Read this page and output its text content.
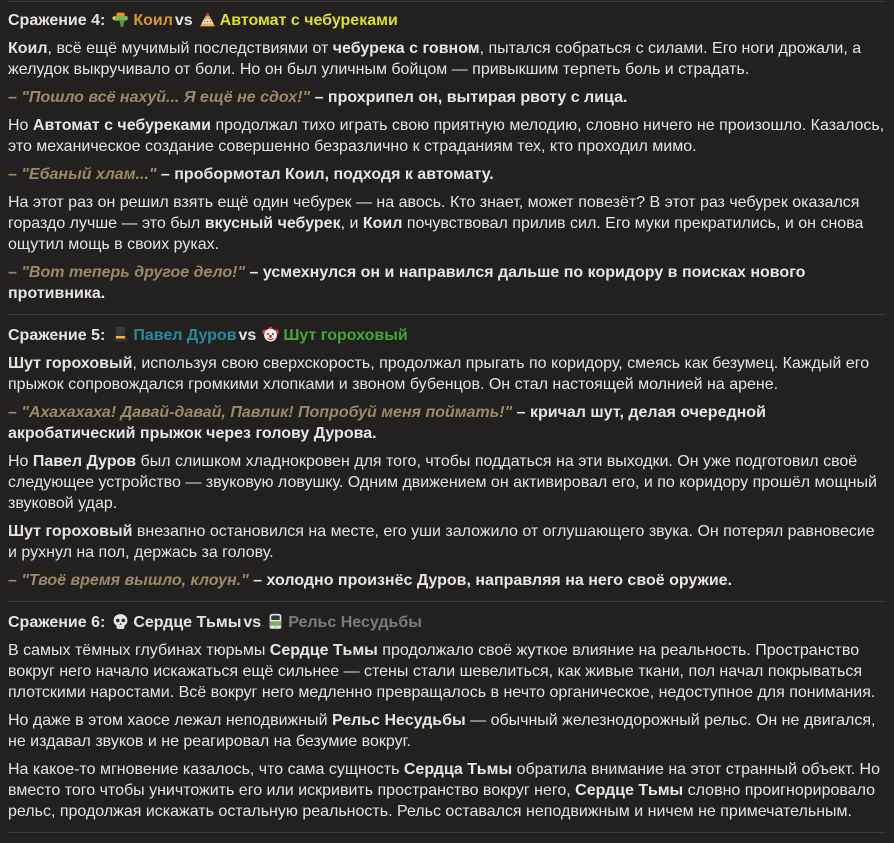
Сражение 4: Коил vs Автомат с чебуреками

Коил, всё ещё мучимый последствиями от чебурека с говном, пытался собраться с силами. Его ноги дрожали, а желудок выкручивало от боли. Но он был уличным бойцом — привыкшим терпеть боль и страдать.

– "Пошло всё нахуй... Я ещё не сдох!" – прохрипел он, вытирая рвоту с лица.

Но Автомат с чебуреками продолжал тихо играть свою приятную мелодию, словно ничего не произошло. Казалось, это механическое создание совершенно безразлично к страданиям тех, кто проходил мимо.

– "Ебаный хлам..." – пробормотал Коил, подходя к автомату.

На этот раз он решил взять ещё один чебурек — на авось. Кто знает, может повезёт? В этот раз чебурек оказался гораздо лучше — это был вкусный чебурек, и Коил почувствовал прилив сил. Его муки прекратились, и он снова ощутил мощь в своих руках.

– "Вот теперь другое дело!" – усмехнулся он и направился дальше по коридору в поисках нового противника.

Сражение 5: Павел Дуров vs Шут гороховый

Шут гороховый, используя свою сверхскорость, продолжал прыгать по коридору, смеясь как безумец. Каждый его прыжок сопровождался громкими хлопками и звоном бубенцов. Он стал настоящей молнией на арене.

– "Ахахахаха! Давай-давай, Павлик! Попробуй меня поймать!" – кричал шут, делая очередной акробатический прыжок через голову Дурова.

Но Павел Дуров был слишком хладнокровен для того, чтобы поддаться на эти выходки. Он уже подготовил своё следующее устройство — звуковую ловушку. Одним движением он активировал его, и по коридору прошёл мощный звуковой удар.

Шут гороховый внезапно остановился на месте, его уши заложило от оглушающего звука. Он потерял равновесие и рухнул на пол, держась за голову.

– "Твоё время вышло, клоун." – холодно произнёс Дуров, направляя на него своё оружие.

Сражение 6: Сердце Тьмы vs Рельс Несудьбы

В самых тёмных глубинах тюрьмы Сердце Тьмы продолжало своё жуткое влияние на реальность. Пространство вокруг него начало искажаться ещё сильнее — стены стали шевелиться, как живые ткани, пол начал покрываться плотскими наростами. Всё вокруг него медленно превращалось в нечто органическое, недоступное для понимания.

Но даже в этом хаосе лежал неподвижный Рельс Несудьбы — обычный железнодорожный рельс. Он не двигался, не издавал звуков и не реагировал на безумие вокруг.

На какое-то мгновение казалось, что сама сущность Сердца Тьмы обратила внимание на этот странный объект. Но вместо того чтобы уничтожить его или искривить пространство вокруг него, Сердце Тьмы словно проигнорировало рельс, продолжая искажать остальную реальность. Рельс оставался неподвижным и ничем не примечательным.
